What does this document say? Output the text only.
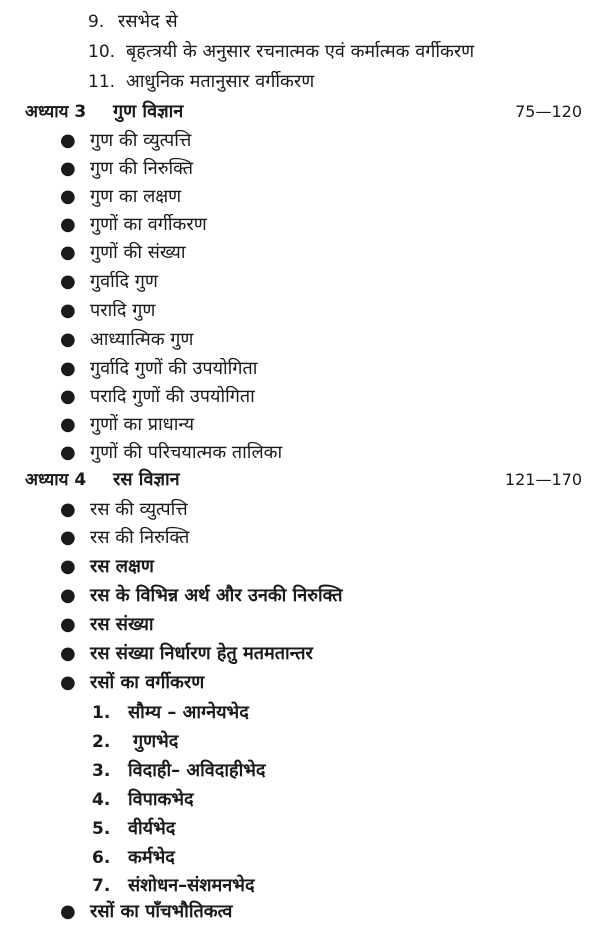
9. रसभेद से
10. बृहत्त्रयी के अनुसार रचनात्मक एवं कर्मात्मक वर्गीकरण
11. आधुनिक मतानुसार वर्गीकरण
अध्याय 3 गुण विज्ञान	75—120
● गुण की व्युत्पत्ति
● गुण की निरुक्ति
● गुण का लक्षण
● गुणों का वर्गीकरण
● गुणों की संख्या
● गुर्वादि गुण
● परादि गुण
● आध्यात्मिक गुण
● गुर्वादि गुणों की उपयोगिता
● परादि गुणों की उपयोगिता
● गुणों का प्राधान्य
● गुणों की परिचयात्मक तालिका
अध्याय 4 रस विज्ञान	121—170
● रस की व्युत्पत्ति
● रस की निरुक्ति
● रस लक्षण
● रस के विभिन्न अर्थ और उनकी निरुक्ति
● रस संख्या
● रस संख्या निर्धारण हेतु मतमतान्तर
● रसों का वर्गीकरण
1. सौम्य – आग्नेयभेद
2. गुणभेद
3. विदाही– अविदाहीभेद
4. विपाकभेद
5. वीर्यभेद
6. कर्मभेद
7. संशोधन–संशमनभेद
● रसों का पाँचभौतिकत्व
